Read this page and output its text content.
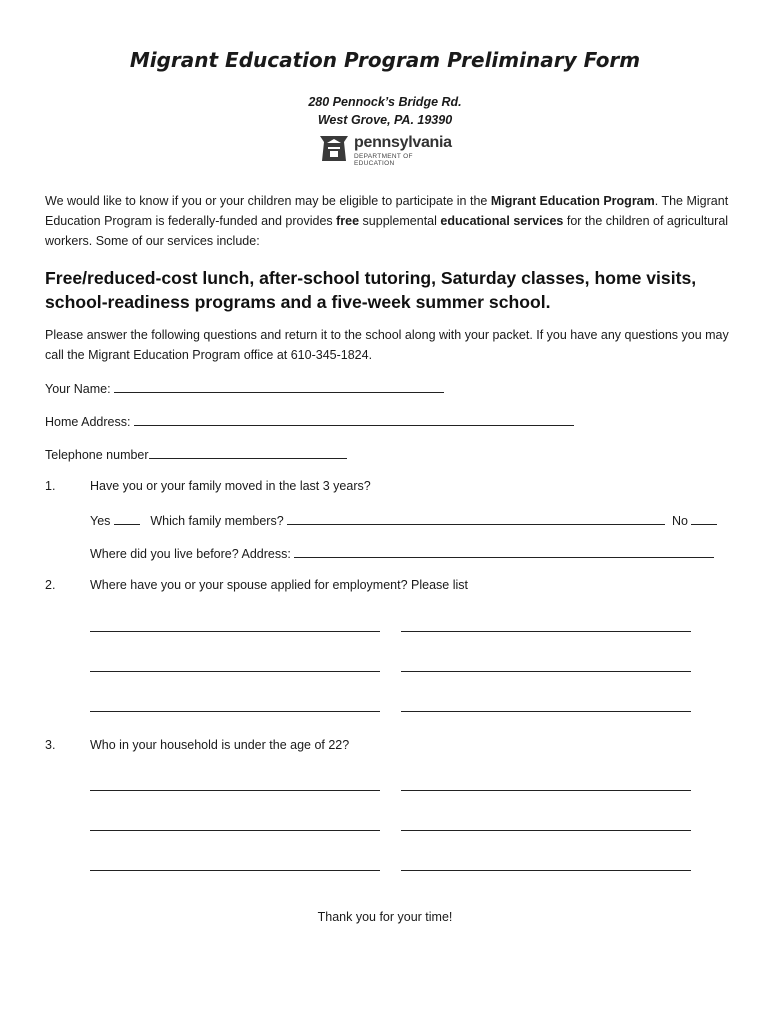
Migrant Education Program Preliminary Form
280 Pennock’s Bridge Rd.
West Grove, PA. 19390
pennsylvania
DEPARTMENT OF EDUCATION

We would like to know if you or your children may be eligible to participate in the Migrant Education Program. The Migrant Education Program is federally-funded and provides free supplemental educational services for the children of agricultural workers. Some of our services include:

Free/reduced-cost lunch, after-school tutoring, Saturday classes, home visits, school-readiness programs and a five-week summer school.

Please answer the following questions and return it to the school along with your packet. If you have any questions you may call the Migrant Education Program office at 610-345-1824.

Your Name:
Home Address:
Telephone number
1.	Have you or your family moved in the last 3 years?
Yes	Which family members?	No
Where did you live before? Address:
2.	Where have you or your spouse applied for employment? Please list
3.	Who in your household is under the age of 22?
Thank you for your time!
